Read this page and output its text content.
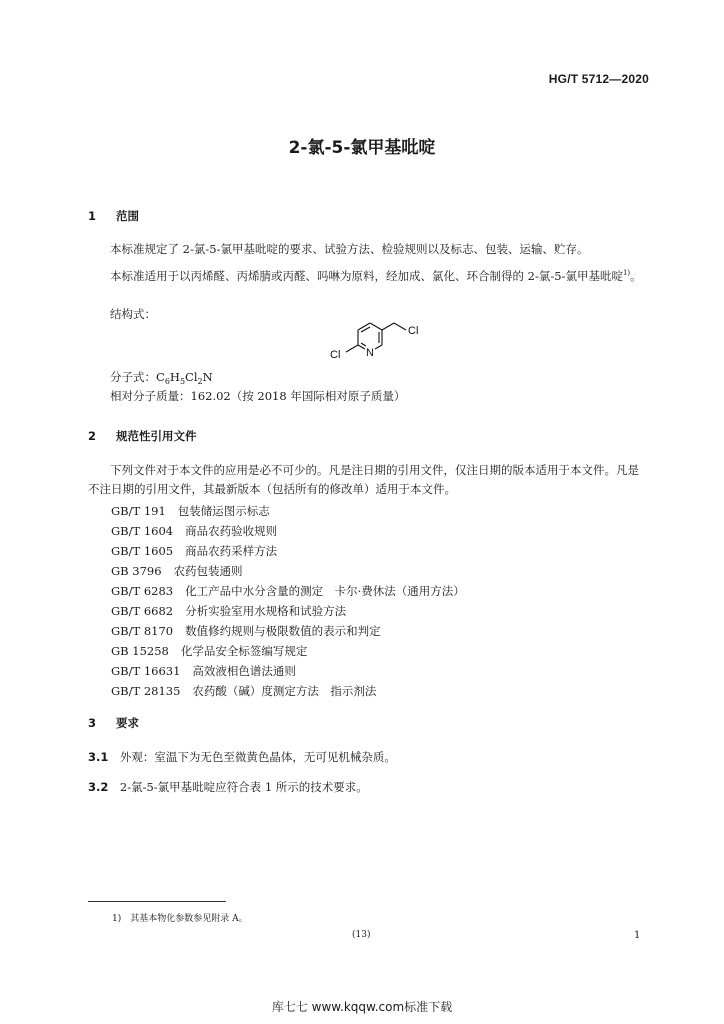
HG/T 5712—2020
2-氯-5-氯甲基吡啶
1 范围
本标准规定了 2-氯-5-氯甲基吡啶的要求、试验方法、检验规则以及标志、包装、运输、贮存。
本标准适用于以丙烯醛、丙烯腈或丙醛、吗啉为原料，经加成、氯化、环合制得的 2-氯-5-氯甲基吡啶$^{1)}$。
结构式：
Cl
Cl N
分子式：$C_6H_5Cl_2N$
相对分子质量：162.02（按 2018 年国际相对原子质量）
2 规范性引用文件
下列文件对于本文件的应用是必不可少的。凡是注日期的引用文件，仅注日期的版本适用于本文件。凡是不注日期的引用文件，其最新版本（包括所有的修改单）适用于本文件。
GB/T 191 包装储运图示标志
GB/T 1604 商品农药验收规则
GB/T 1605 商品农药采样方法
GB 3796 农药包装通则
GB/T 6283 化工产品中水分含量的测定　卡尔·费休法（通用方法）
GB/T 6682 分析实验室用水规格和试验方法
GB/T 8170 数值修约规则与极限数值的表示和判定
GB 15258 化学品安全标签编写规定
GB/T 16631 高效液相色谱法通则
GB/T 28135 农药酸（碱）度测定方法　指示剂法
3 要求
3.1　 外观：室温下为无色至微黄色晶体，无可见机械杂质。
3.2　 2-氯-5-氯甲基吡啶应符合表 1 所示的技术要求。
1)　其基本物化参数参见附录 A。
(13)	1
库七七 www.kqqw.com标准下载
